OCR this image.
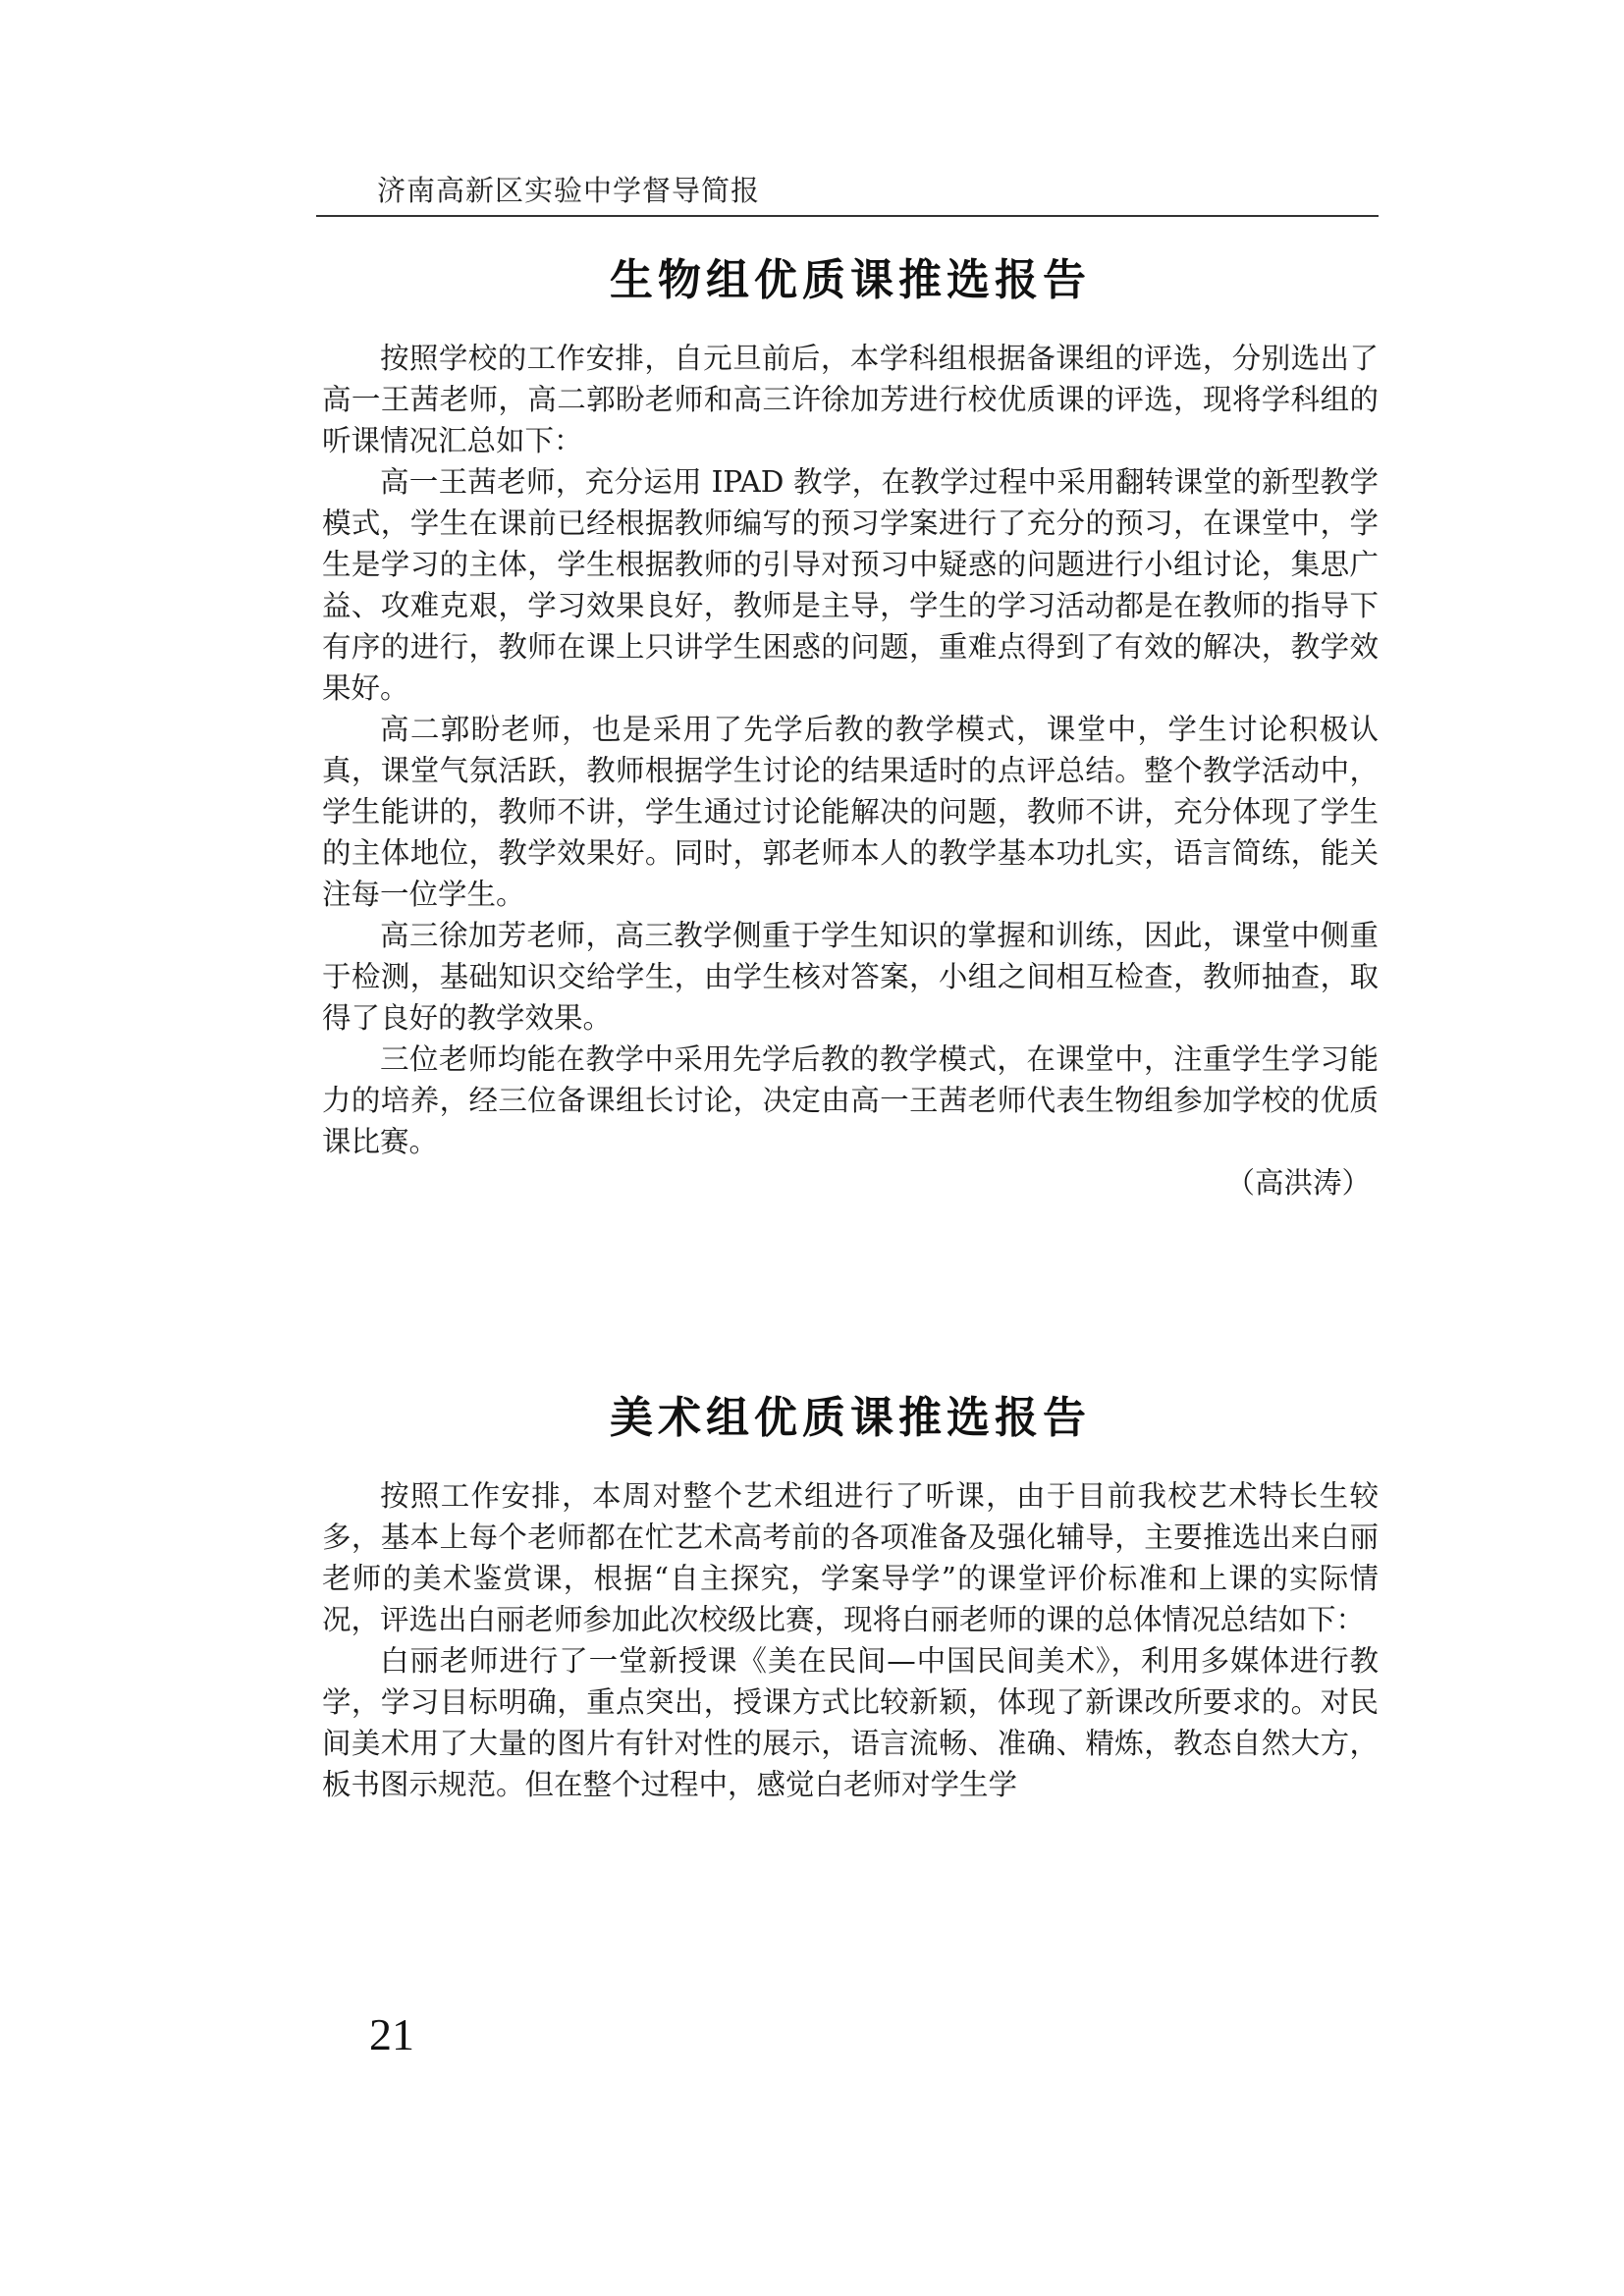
济南高新区实验中学督导简报
生物组优质课推选报告

按照学校的工作安排，自元旦前后，本学科组根据备课组的评选，分别选出了高一王茜老师，高二郭盼老师和高三许徐加芳进行校优质课的评选，现将学科组的听课情况汇总如下：

高一王茜老师，充分运用 IPAD 教学，在教学过程中采用翻转课堂的新型教学模式，学生在课前已经根据教师编写的预习学案进行了充分的预习，在课堂中，学生是学习的主体，学生根据教师的引导对预习中疑惑的问题进行小组讨论，集思广益、攻难克艰，学习效果良好，教师是主导，学生的学习活动都是在教师的指导下有序的进行，教师在课上只讲学生困惑的问题，重难点得到了有效的解决，教学效果好。

高二郭盼老师，也是采用了先学后教的教学模式，课堂中，学生讨论积极认真，课堂气氛活跃，教师根据学生讨论的结果适时的点评总结。整个教学活动中，学生能讲的，教师不讲，学生通过讨论能解决的问题，教师不讲，充分体现了学生的主体地位，教学效果好。同时，郭老师本人的教学基本功扎实，语言简练，能关注每一位学生。

高三徐加芳老师，高三教学侧重于学生知识的掌握和训练，因此，课堂中侧重于检测，基础知识交给学生，由学生核对答案，小组之间相互检查，教师抽查，取得了良好的教学效果。

三位老师均能在教学中采用先学后教的教学模式，在课堂中，注重学生学习能力的培养，经三位备课组长讨论，决定由高一王茜老师代表生物组参加学校的优质课比赛。

（高洪涛）

美术组优质课推选报告

按照工作安排，本周对整个艺术组进行了听课，由于目前我校艺术特长生较多，基本上每个老师都在忙艺术高考前的各项准备及强化辅导，主要推选出来白丽老师的美术鉴赏课，根据“自主探究，学案导学”的课堂评价标准和上课的实际情况，评选出白丽老师参加此次校级比赛，现将白丽老师的课的总体情况总结如下：

白丽老师进行了一堂新授课《美在民间—中国民间美术》，利用多媒体进行教学，学习目标明确，重点突出，授课方式比较新颖，体现了新课改所要求的。对民间美术用了大量的图片有针对性的展示，语言流畅、准确、精炼，教态自然大方，板书图示规范。但在整个过程中，感觉白老师对学生学

21
